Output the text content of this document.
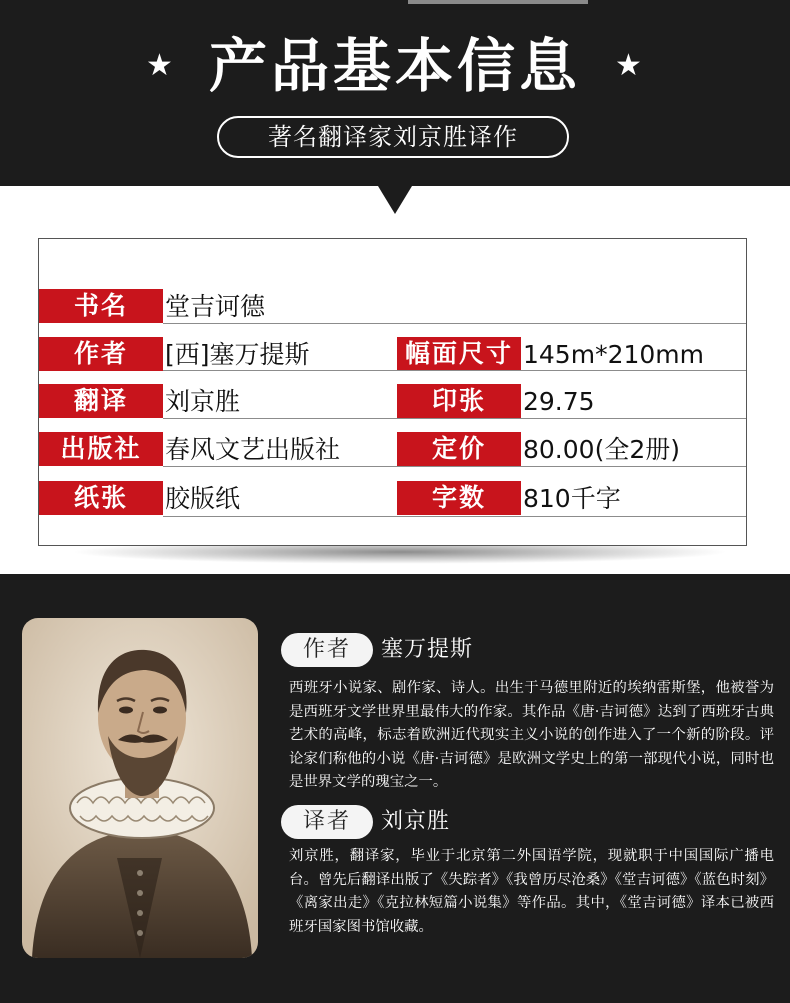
★ 产品基本信息	★
著名翻译家刘京胜译作
书名	堂吉诃德
作者	[西]塞万提斯	幅面尺寸 145m*210mm
翻译	刘京胜	印张	29.75
出版社 春风文艺出版社	定价	80.00(全2册)
纸张	胶版纸	字数	810千字
作者	塞万提斯

西班牙小说家、剧作家、诗人。出生于马德里附近的埃纳雷斯堡，他被誉为是西班牙文学世界里最伟大的作家。其作品《唐·吉诃德》达到了西班牙古典艺术的高峰，标志着欧洲近代现实主义小说的创作进入了一个新的阶段。评论家们称他的小说《唐·吉诃德》是欧洲文学史上的第一部现代小说，同时也是世界文学的瑰宝之一。

译者	刘京胜

刘京胜，翻译家，毕业于北京第二外国语学院，现就职于中国国际广播电台。曾先后翻译出版了《失踪者》《我曾历尽沧桑》《堂吉诃德》《蓝色时刻》《离家出走》《克拉林短篇小说集》等作品。其中，《堂吉诃德》译本已被西班牙国家图书馆收藏。
